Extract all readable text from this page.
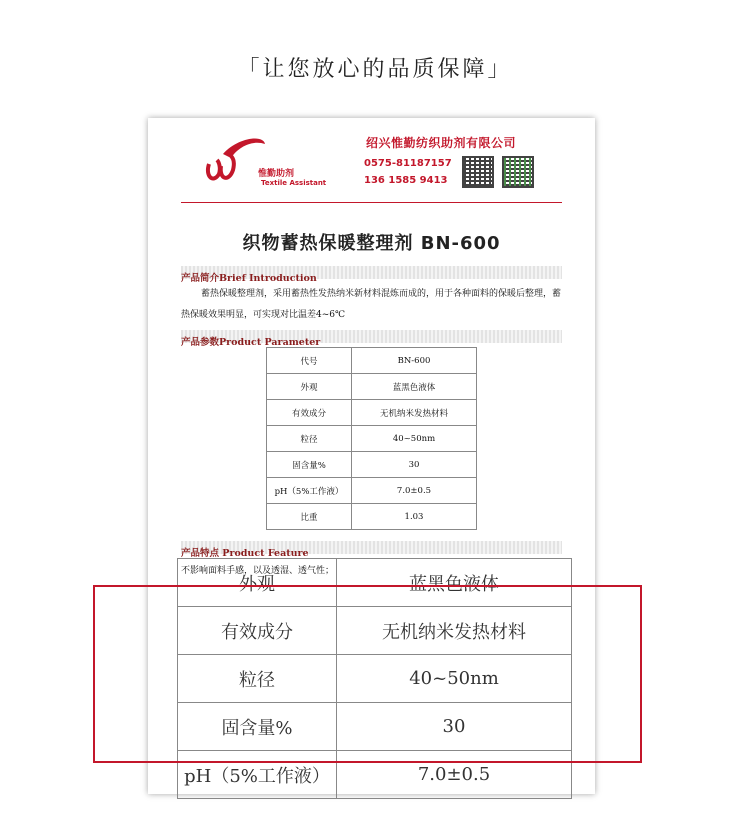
「让您放心的品质保障」
惟勤助剂
Textile Assistant
绍兴惟勤纺织助剂有限公司
0575-81187157
136 1585 9413
织物蓄热保暖整理剂 BN-600
产品简介Brief Introduction
蓄热保暖整理剂，采用蓄热性发热纳米新材料混炼而成的，用于各种面料的保暖后整理，蓄热保暖效果明显，可实现对比温差4~6℃
产品参数Product Parameter
代号	BN-600
外观	蓝黑色液体
有效成分	无机纳米发热材料
粒径	40~50nm
固含量%	30
pH（5%工作液）	7.0±0.5
比重	1.03
产品特点 Product Feature
不影响面料手感，以及透湿、透气性；
外观	蓝黑色液体
有效成分	无机纳米发热材料
粒径	40~50nm
固含量%	30
pH（5%工作液）	7.0±0.5
